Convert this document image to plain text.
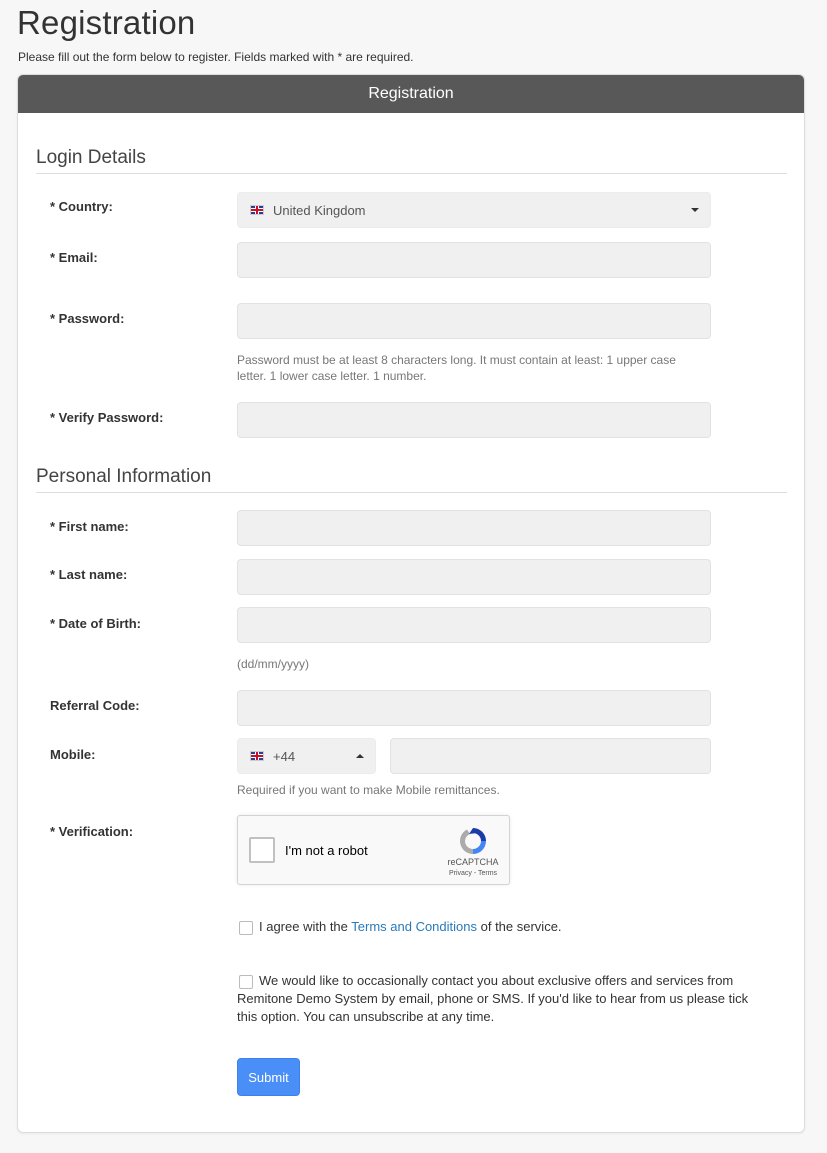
Registration

Please fill out the form below to register. Fields marked with * are required.

Registration
Login Details
* Country:	United Kingdom
* Email:
* Password:
Password must be at least 8 characters long. It must contain at least: 1 upper case
letter. 1 lower case letter. 1 number.
* Verify Password:
Personal Information
* First name:
* Last name:
* Date of Birth:
(dd/mm/yyyy)
Referral Code:
Mobile:	+44
Required if you want to make Mobile remittances.
* Verification:
I'm not a robot
reCAPTCHA
Privacy - Terms
I agree with the Terms and Conditions of the service.
We would like to occasionally contact you about exclusive offers and services from
Remitone Demo System by email, phone or SMS. If you'd like to hear from us please tick
this option. You can unsubscribe at any time.
Submit
